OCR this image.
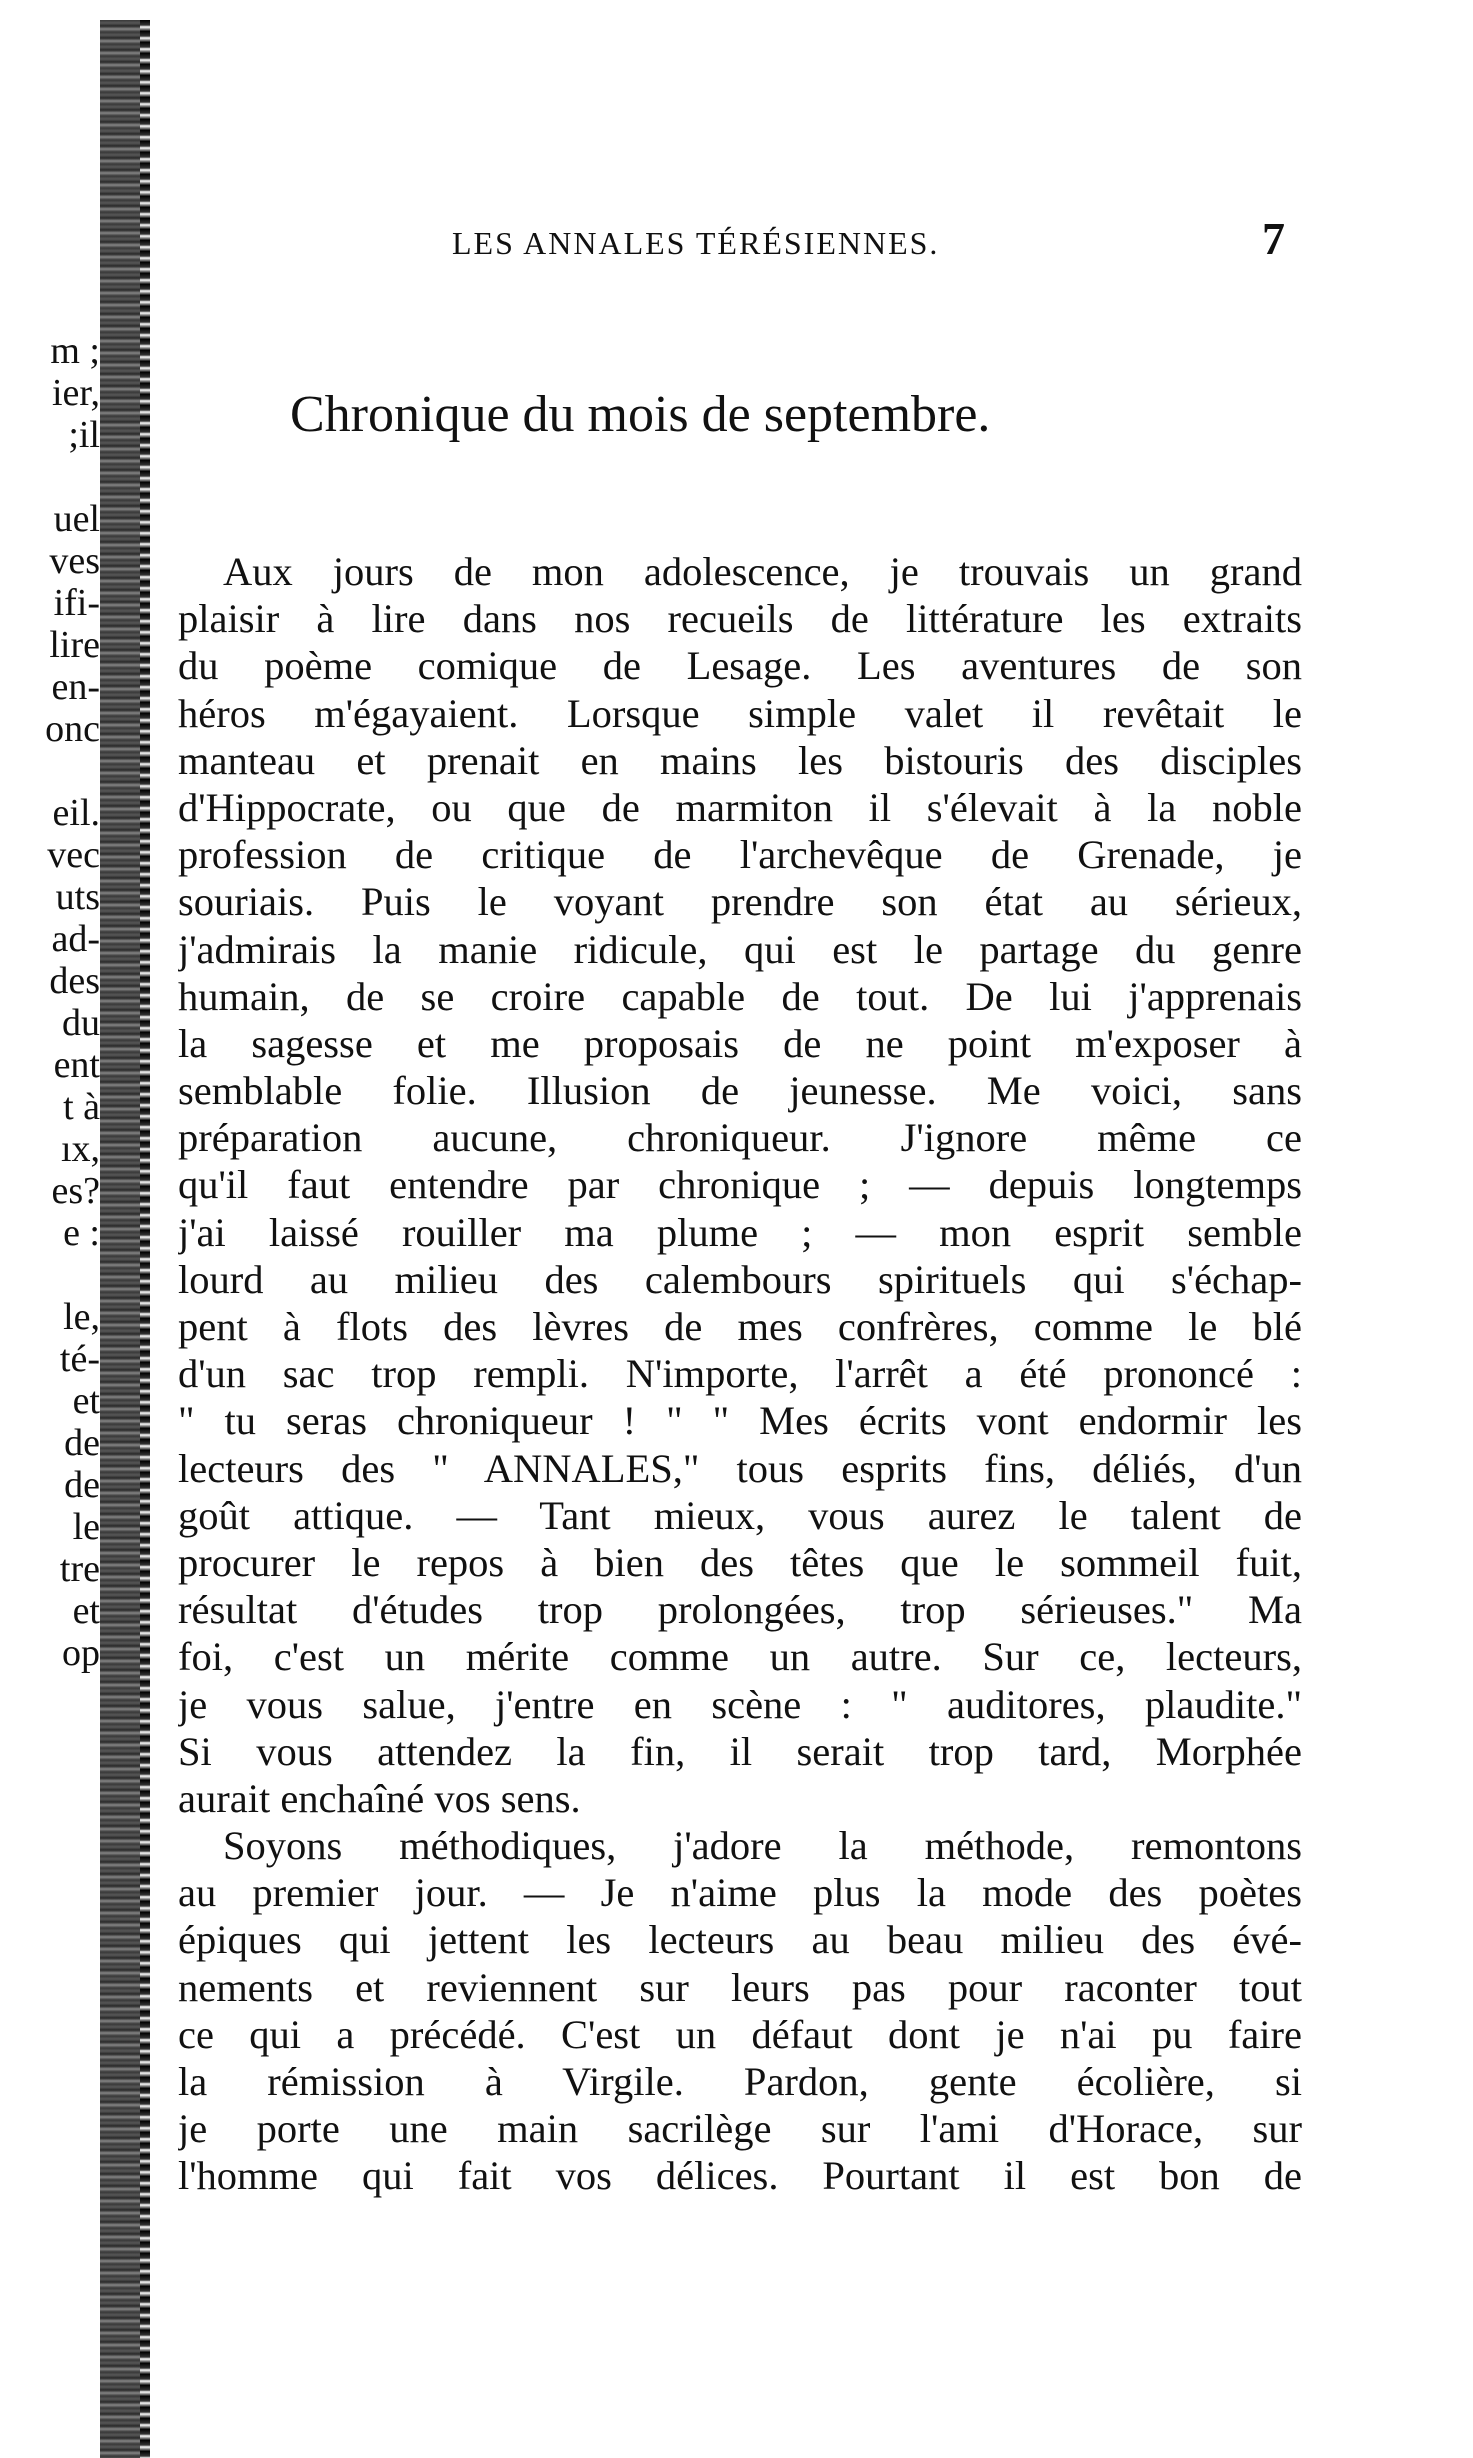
m ;
ier,
;il
uel
ves
ifi-
lire
en-
onc
eil.
vec
uts
ad-
des
du
ent
t à
ıx,
es?
e :
le,
té-
et
de
de
le
tre
et
op
LES ANNALES TÉRÉSIENNES.	7
Chronique du mois de septembre.
Aux jours de mon adolescence, je trouvais un grand
plaisir à lire dans nos recueils de littérature les extraits
du poème comique de Lesage. Les aventures de son
héros m'égayaient. Lorsque simple valet il revêtait le
manteau et prenait en mains les bistouris des disciples
d'Hippocrate, ou que de marmiton il s'élevait à la noble
profession de critique de l'archevêque de Grenade, je
souriais. Puis le voyant prendre son état au sérieux,
j'admirais la manie ridicule, qui est le partage du genre
humain, de se croire capable de tout. De lui j'apprenais
la sagesse et me proposais de ne point m'exposer à
semblable folie. Illusion de jeunesse. Me voici, sans
préparation aucune, chroniqueur. J'ignore même ce
qu'il faut entendre par chronique ; — depuis longtemps
j'ai laissé rouiller ma plume ; — mon esprit semble
lourd au milieu des calembours spirituels qui s'échap-
pent à flots des lèvres de mes confrères, comme le blé
d'un sac trop rempli. N'importe, l'arrêt a été prononcé :
" tu seras chroniqueur ! " " Mes écrits vont endormir les
lecteurs des " ANNALES," tous esprits fins, déliés, d'un
goût attique. — Tant mieux, vous aurez le talent de
procurer le repos à bien des têtes que le sommeil fuit,
résultat d'études trop prolongées, trop sérieuses." Ma
foi, c'est un mérite comme un autre. Sur ce, lecteurs,
je vous salue, j'entre en scène : " auditores, plaudite."
Si vous attendez la fin, il serait trop tard, Morphée
aurait enchaîné vos sens.
Soyons méthodiques, j'adore la méthode, remontons
au premier jour. — Je n'aime plus la mode des poètes
épiques qui jettent les lecteurs au beau milieu des évé-
nements et reviennent sur leurs pas pour raconter tout
ce qui a précédé. C'est un défaut dont je n'ai pu faire
la rémission à Virgile. Pardon, gente écolière, si
je porte une main sacrilège sur l'ami d'Horace, sur
l'homme qui fait vos délices. Pourtant il est bon de
